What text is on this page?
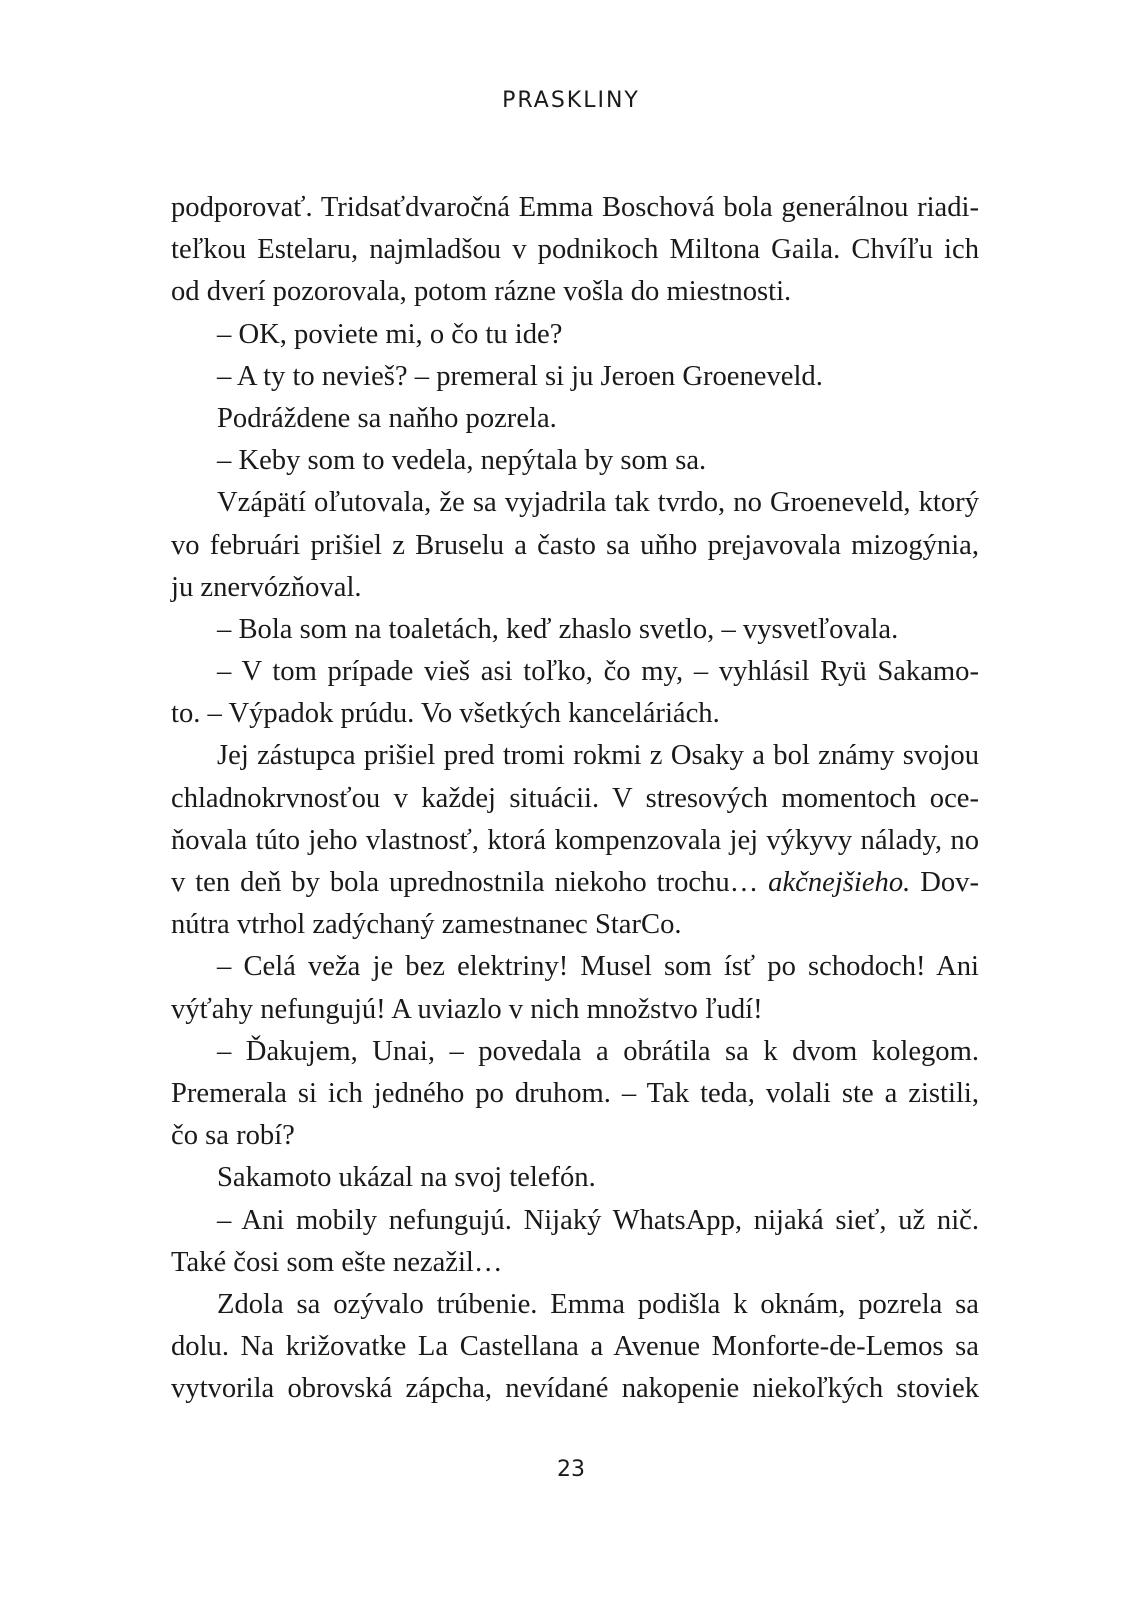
PRASKLINY
podporovať. Tridsaťdvaročná Emma Boschová bola generálnou riadi-
teľkou Estelaru, najmladšou v podnikoch Miltona Gaila. Chvíľu ich
od dverí pozorovala, potom rázne vošla do miestnosti.
– OK, poviete mi, o čo tu ide?
– A ty to nevieš? – premeral si ju Jeroen Groeneveld.
Podráždene sa naňho pozrela.
– Keby som to vedela, nepýtala by som sa.
Vzápätí oľutovala, že sa vyjadrila tak tvrdo, no Groeneveld, ktorý
vo februári prišiel z Bruselu a často sa uňho prejavovala mizogýnia,
ju znervózňoval.
– Bola som na toaletách, keď zhaslo svetlo, – vysvetľovala.
– V tom prípade vieš asi toľko, čo my, – vyhlásil Ryü Sakamo-
to. – Výpadok prúdu. Vo všetkých kanceláriách.
Jej zástupca prišiel pred tromi rokmi z Osaky a bol známy svojou
chladnokrvnosťou v každej situácii. V stresových momentoch oce-
ňovala túto jeho vlastnosť, ktorá kompenzovala jej výkyvy nálady, no
v ten deň by bola uprednostnila niekoho trochu… akčnejšieho. Dov-
nútra vtrhol zadýchaný zamestnanec StarCo.
– Celá veža je bez elektriny! Musel som ísť po schodoch! Ani
výťahy nefungujú! A uviazlo v nich množstvo ľudí!
– Ďakujem, Unai, – povedala a obrátila sa k dvom kolegom.
Premerala si ich jedného po druhom. – Tak teda, volali ste a zistili,
čo sa robí?
Sakamoto ukázal na svoj telefón.
– Ani mobily nefungujú. Nijaký WhatsApp, nijaká sieť, už nič.
Také čosi som ešte nezažil…
Zdola sa ozývalo trúbenie. Emma podišla k oknám, pozrela sa
dolu. Na križovatke La Castellana a Avenue Monforte-de-Lemos sa
vytvorila obrovská zápcha, nevídané nakopenie niekoľkých stoviek
23
